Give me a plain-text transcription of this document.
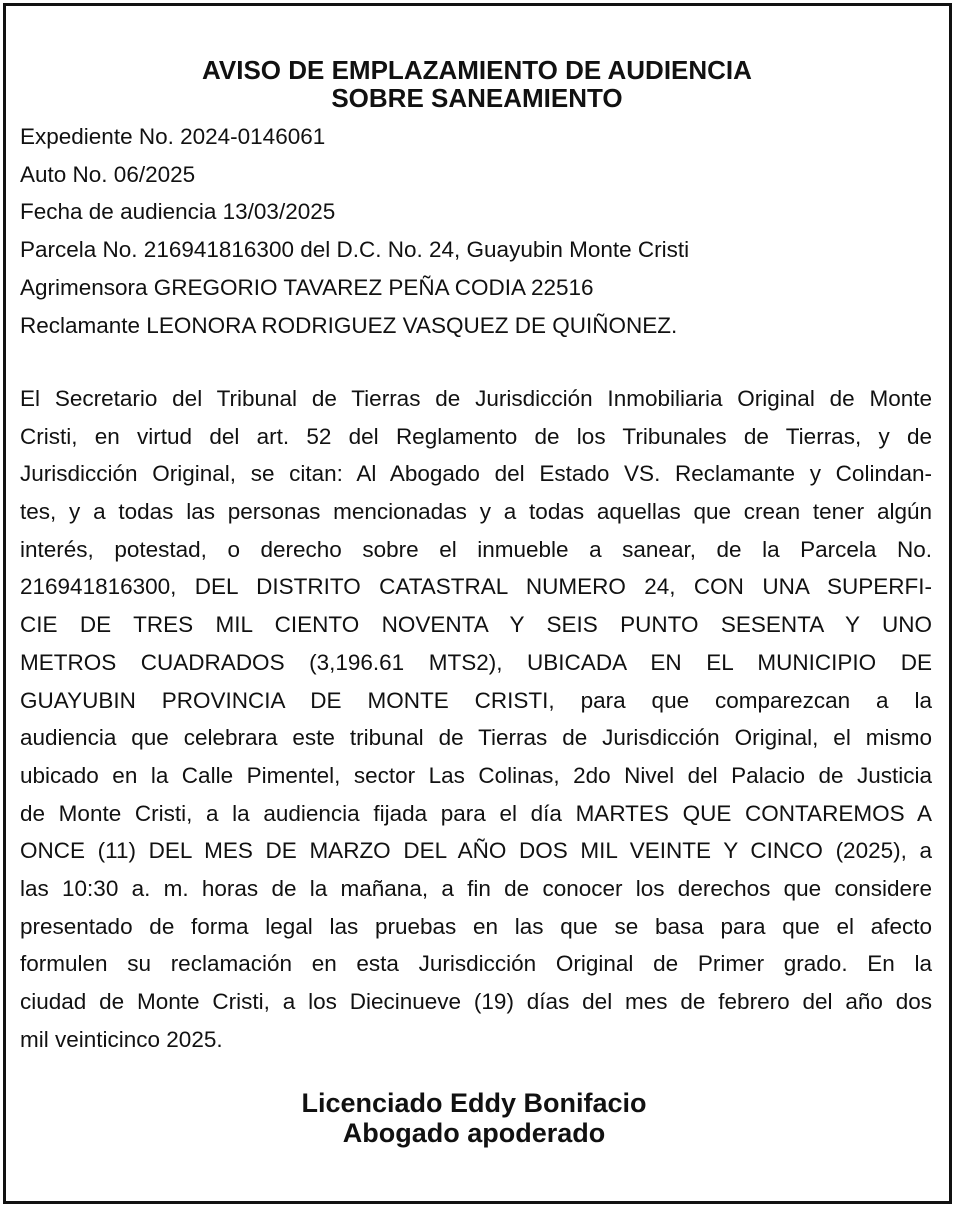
AVISO DE EMPLAZAMIENTO DE AUDIENCIA
SOBRE SANEAMIENTO
Expediente No. 2024-0146061
Auto No. 06/2025
Fecha de audiencia 13/03/2025
Parcela No. 216941816300 del D.C. No. 24, Guayubin Monte Cristi
Agrimensora GREGORIO TAVAREZ PEÑA CODIA 22516
Reclamante LEONORA RODRIGUEZ VASQUEZ DE QUIÑONEZ.
El Secretario del Tribunal de Tierras de Jurisdicción Inmobiliaria Original de Monte
Cristi, en virtud del art. 52 del Reglamento de los Tribunales de Tierras, y de
Jurisdicción Original, se citan: Al Abogado del Estado VS. Reclamante y Colindan-
tes, y a todas las personas mencionadas y a todas aquellas que crean tener algún
interés, potestad, o derecho sobre el inmueble a sanear, de la Parcela No.
216941816300, DEL DISTRITO CATASTRAL NUMERO 24, CON UNA SUPERFI-
CIE DE TRES MIL CIENTO NOVENTA Y SEIS PUNTO SESENTA Y UNO
METROS CUADRADOS (3,196.61 MTS2), UBICADA EN EL MUNICIPIO DE
GUAYUBIN PROVINCIA DE MONTE CRISTI, para que comparezcan a la
audiencia que celebrara este tribunal de Tierras de Jurisdicción Original, el mismo
ubicado en la Calle Pimentel, sector Las Colinas, 2do Nivel del Palacio de Justicia
de Monte Cristi, a la audiencia fijada para el día MARTES QUE CONTAREMOS A
ONCE (11) DEL MES DE MARZO DEL AÑO DOS MIL VEINTE Y CINCO (2025), a
las 10:30 a. m. horas de la mañana, a fin de conocer los derechos que considere
presentado de forma legal las pruebas en las que se basa para que el afecto
formulen su reclamación en esta Jurisdicción Original de Primer grado. En la
ciudad de Monte Cristi, a los Diecinueve (19) días del mes de febrero del año dos
mil veinticinco 2025.
Licenciado Eddy Bonifacio
Abogado apoderado
